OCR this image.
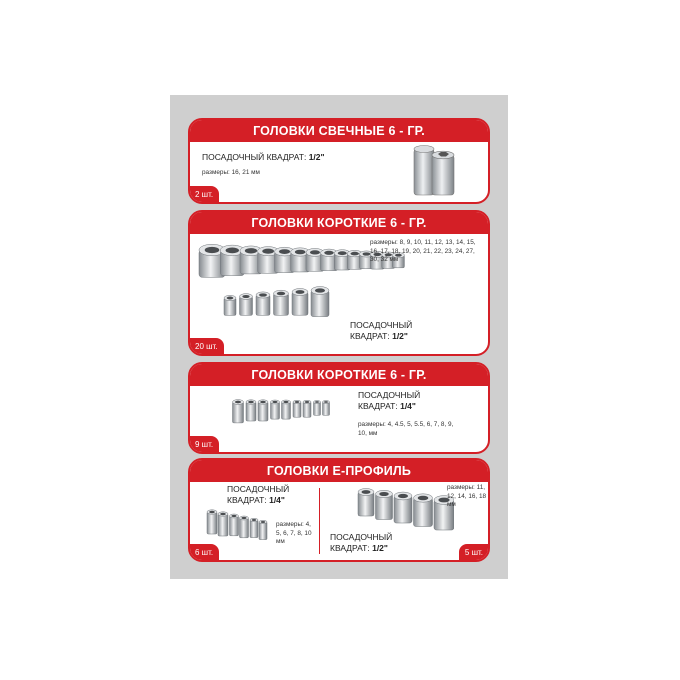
ГОЛОВКИ СВЕЧНЫЕ 6 - ГР.
ПОСАДОЧНЫЙ КВАДРАТ: 1/2"
размеры: 16, 21 мм
2 шт.
ГОЛОВКИ КОРОТКИЕ 6 - ГР.
размеры: 8, 9, 10, 11, 12, 13, 14, 15, 16, 17, 18, 19, 20, 21, 22, 23, 24, 27, 30, 32 мм
ПОСАДОЧНЫЙ КВАДРАТ: 1/2"
20 шт.
ГОЛОВКИ КОРОТКИЕ 6 - ГР.
ПОСАДОЧНЫЙ КВАДРАТ: 1/4"
размеры: 4, 4.5, 5, 5.5, 6, 7, 8, 9, 10, мм
9 шт.
ГОЛОВКИ Е-ПРОФИЛЬ
ПОСАДОЧНЫЙ КВАДРАТ: 1/4"
размеры: 4, 5, 6, 7, 8, 10 мм
6 шт.
размеры: 11, 12, 14, 16, 18 мм
ПОСАДОЧНЫЙ КВАДРАТ: 1/2"	5 шт.
